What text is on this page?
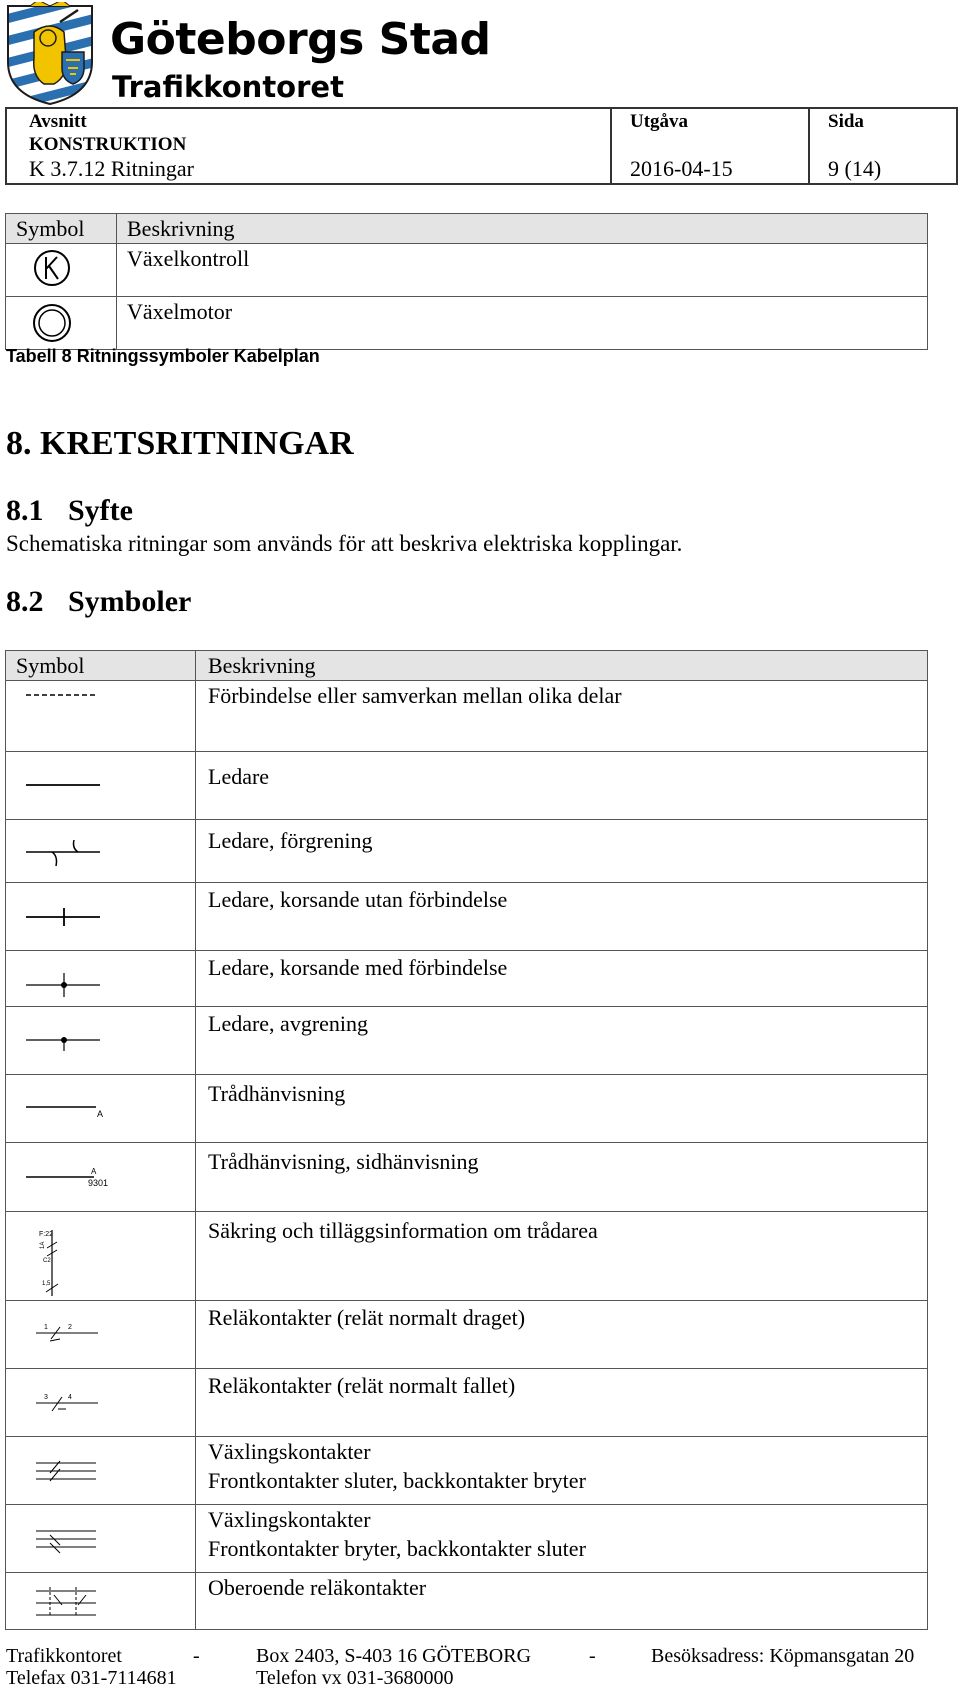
Göteborgs Stad
Trafikkontoret
Avsnitt
KONSTRUKTION
K 3.7.12 Ritningar

Utgåva
2016-04-15

Sida
9 (14)
Symbol	Beskrivning

	Växelkontroll

	Växelmotor
Tabell 8 Ritningssymboler Kabelplan
8. KRETSRITNINGAR
8.1 Syfte
Schematiska ritningar som används för att beskriva elektriska kopplingar.
8.2 Symboler
Symbol	Beskrivning

	Förbindelse eller samverkan mellan olika delar

	Ledare

	Ledare, förgrening

	Ledare, korsande utan förbindelse

	Ledare, korsande med förbindelse

	Ledare, avgrening

A	Trådhänvisning

A
9301	Trådhänvisning, sidhänvisning

F:22
1A
C2
1,5	Säkring och tilläggsinformation om trådarea

1 2	Reläkontakter (relät normalt draget)

3 4	Reläkontakter (relät normalt fallet)

Växlingskontakter
Frontkontakter sluter, backkontakter bryter

Växlingskontakter
Frontkontakter bryter, backkontakter sluter

	Oberoende reläkontakter
Trafikkontoret	-	Box 2403, S-403 16 GÖTEBORG	-	Besöksadress: Köpmansgatan 20
Telefax 031-7114681	Telefon vx 031-3680000
